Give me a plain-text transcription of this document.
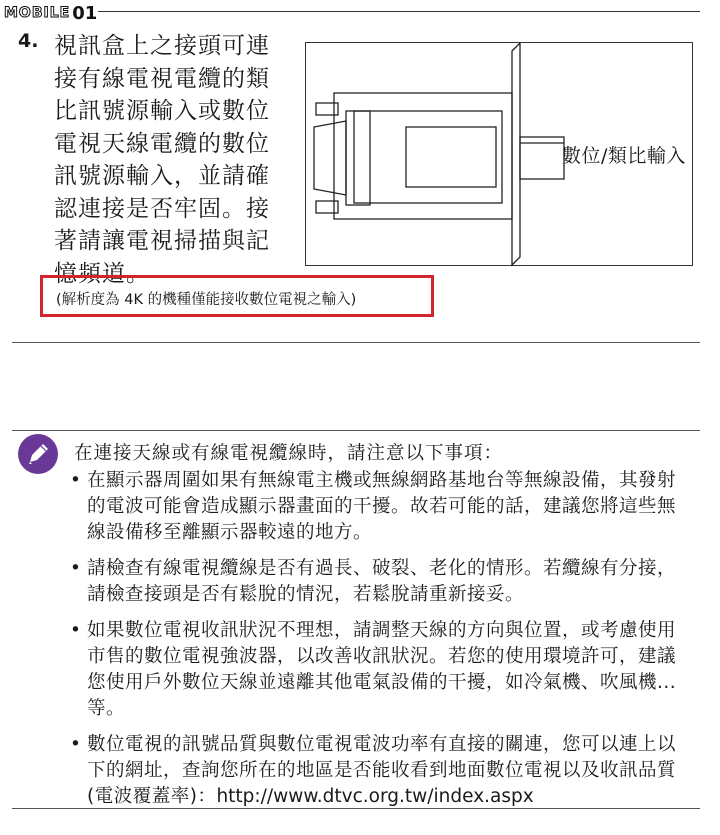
MOBILE 01
4. 視訊盒上之接頭可連接有線電視電纜的類比訊號源輸入或數位電視天線電纜的數位訊號源輸入，並請確認連接是否牢固。接著請讓電視掃描與記憶頻道。
數位/類比輸入
(解析度為 4K 的機種僅能接收數位電視之輸入)
在連接天線或有線電視纜線時，請注意以下事項：
• 在顯示器周圍如果有無線電主機或無線網路基地台等無線設備，其發射的電波可能會造成顯示器畫面的干擾。故若可能的話，建議您將這些無線設備移至離顯示器較遠的地方。
• 請檢查有線電視纜線是否有過長、破裂、老化的情形。若纜線有分接，請檢查接頭是否有鬆脫的情況，若鬆脫請重新接妥。
• 如果數位電視收訊狀況不理想，請調整天線的方向與位置，或考慮使用市售的數位電視強波器，以改善收訊狀況。若您的使用環境許可，建議您使用戶外數位天線並遠離其他電氣設備的干擾，如冷氣機、吹風機...等。
• 數位電視的訊號品質與數位電視電波功率有直接的關連，您可以連上以下的網址，查詢您所在的地區是否能收看到地面數位電視以及收訊品質 (電波覆蓋率)：http://www.dtvc.org.tw/index.aspx
